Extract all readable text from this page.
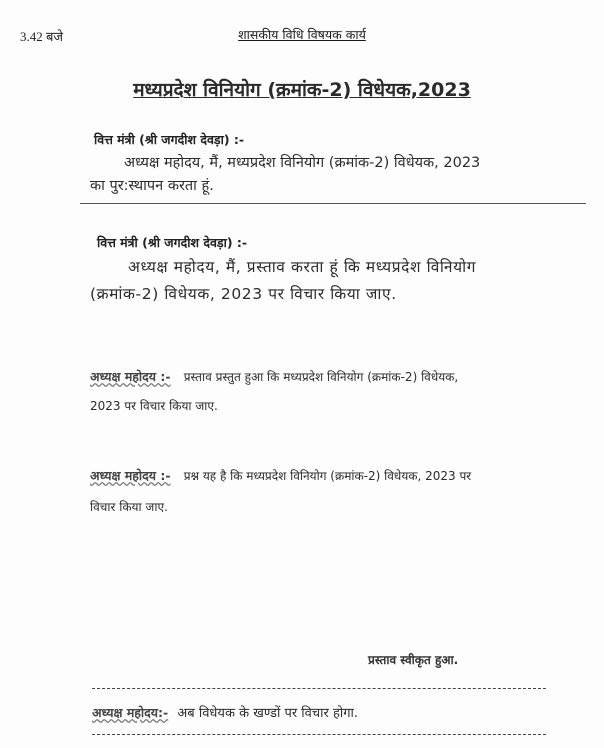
3.42 बजे	शासकीय विधि विषयक कार्य
मध्यप्रदेश विनियोग (क्रमांक-2) विधेयक,2023
वित्त मंत्री (श्री जगदीश देवड़ा) :-
अध्यक्ष महोदय, मैं, मध्यप्रदेश विनियोग (क्रमांक-2) विधेयक, 2023
का पुर:स्थापन करता हूं.
वित्त मंत्री (श्री जगदीश देवड़ा) :-
अध्यक्ष महोदय, मैं, प्रस्ताव करता हूं कि मध्यप्रदेश विनियोग
(क्रमांक-2) विधेयक, 2023 पर विचार किया जाए.
अध्यक्ष महोदय :- प्रस्ताव प्रस्तुत हुआ कि मध्यप्रदेश विनियोग (क्रमांक-2) विधेयक,
2023 पर विचार किया जाए.
अध्यक्ष महोदय :- प्रश्न यह है कि मध्यप्रदेश विनियोग (क्रमांक-2) विधेयक, 2023 पर
विचार किया जाए.
प्रस्ताव स्वीकृत हुआ.
अध्यक्ष महोदय:- अब विधेयक के खण्डों पर विचार होगा.
